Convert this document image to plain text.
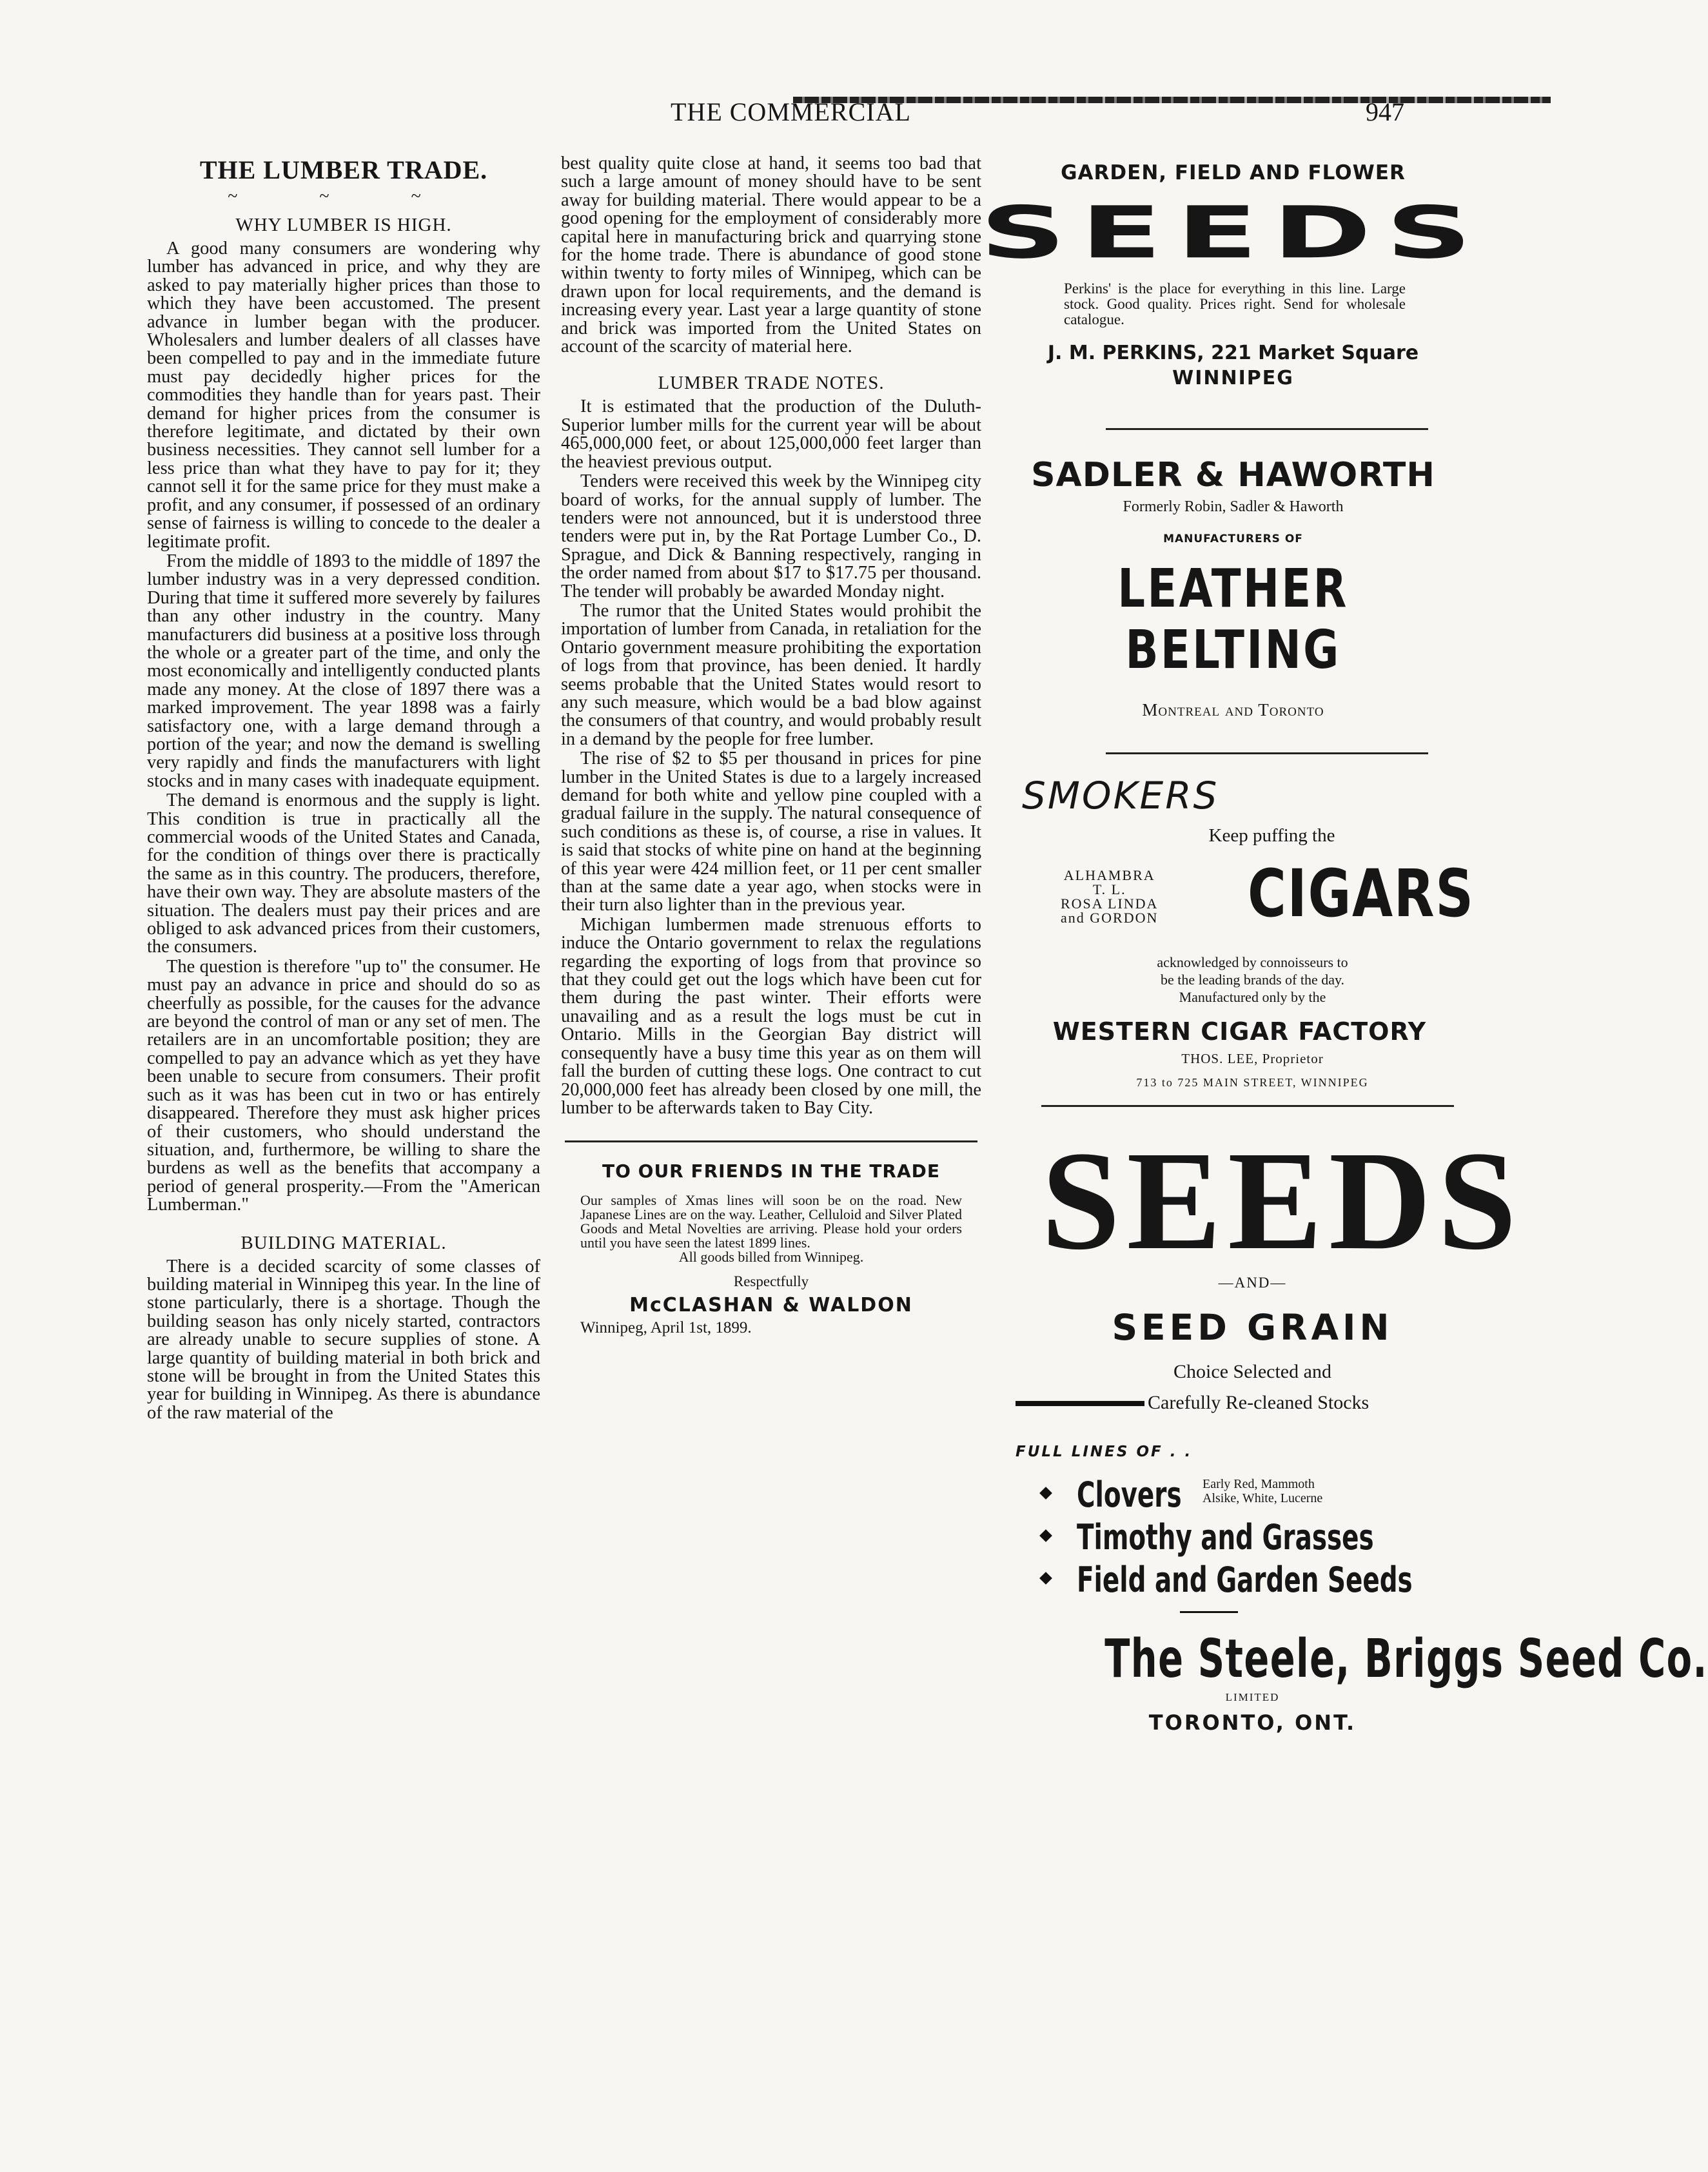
THE COMMERCIAL	947
THE LUMBER TRADE.
~ ~ ~
WHY LUMBER IS HIGH.

A good many consumers are wondering why lumber has advanced in price, and why they are asked to pay materially higher prices than those to which they have been accustomed. The present advance in lumber began with the producer. Wholesalers and lumber dealers of all classes have been compelled to pay and in the immediate future must pay decidedly higher prices for the commodities they handle than for years past. Their demand for higher prices from the consumer is therefore legitimate, and dictated by their own business necessities. They cannot sell lumber for a less price than what they have to pay for it; they cannot sell it for the same price for they must make a profit, and any consumer, if possessed of an ordinary sense of fairness is willing to concede to the dealer a legitimate profit.

From the middle of 1893 to the middle of 1897 the lumber industry was in a very depressed condition. During that time it suffered more severely by failures than any other industry in the country. Many manufacturers did business at a positive loss through the whole or a greater part of the time, and only the most economically and intelligently conducted plants made any money. At the close of 1897 there was a marked improvement. The year 1898 was a fairly satisfactory one, with a large demand through a portion of the year; and now the demand is swelling very rapidly and finds the manufacturers with light stocks and in many cases with inadequate equipment.

The demand is enormous and the supply is light. This condition is true in practically all the commercial woods of the United States and Canada, for the condition of things over there is practically the same as in this country. The producers, therefore, have their own way. They are absolute masters of the situation. The dealers must pay their prices and are obliged to ask advanced prices from their customers, the consumers.

The question is therefore "up to" the consumer. He must pay an advance in price and should do so as cheerfully as possible, for the causes for the advance are beyond the control of man or any set of men. The retailers are in an uncomfortable position; they are compelled to pay an advance which as yet they have been unable to secure from consumers. Their profit such as it was has been cut in two or has entirely disappeared. Therefore they must ask higher prices of their customers, who should understand the situation, and, furthermore, be willing to share the burdens as well as the benefits that accompany a period of general prosperity.—From the "American Lumberman."

BUILDING MATERIAL.

There is a decided scarcity of some classes of building material in Winnipeg this year. In the line of stone particularly, there is a shortage. Though the building season has only nicely started, contractors are already unable to secure supplies of stone. A large quantity of building material in both brick and stone will be brought in from the United States this year for building in Winnipeg. As there is abundance of the raw material of the

best quality quite close at hand, it seems too bad that such a large amount of money should have to be sent away for building material. There would appear to be a good opening for the employment of considerably more capital here in manufacturing brick and quarrying stone for the home trade. There is abundance of good stone within twenty to forty miles of Winnipeg, which can be drawn upon for local requirements, and the demand is increasing every year. Last year a large quantity of stone and brick was imported from the United States on account of the scarcity of material here.

LUMBER TRADE NOTES.

It is estimated that the production of the Duluth-Superior lumber mills for the current year will be about 465,000,000 feet, or about 125,000,000 feet larger than the heaviest previous output.

Tenders were received this week by the Winnipeg city board of works, for the annual supply of lumber. The tenders were not announced, but it is understood three tenders were put in, by the Rat Portage Lumber Co., D. Sprague, and Dick & Banning respectively, ranging in the order named from about $17 to $17.75 per thousand. The tender will probably be awarded Monday night.

The rumor that the United States would prohibit the importation of lumber from Canada, in retaliation for the Ontario government measure prohibiting the exportation of logs from that province, has been denied. It hardly seems probable that the United States would resort to any such measure, which would be a bad blow against the consumers of that country, and would probably result in a demand by the people for free lumber.

The rise of $2 to $5 per thousand in prices for pine lumber in the United States is due to a largely increased demand for both white and yellow pine coupled with a gradual failure in the supply. The natural consequence of such conditions as these is, of course, a rise in values. It is said that stocks of white pine on hand at the beginning of this year were 424 million feet, or 11 per cent smaller than at the same date a year ago, when stocks were in their turn also lighter than in the previous year.

Michigan lumbermen made strenuous efforts to induce the Ontario government to relax the regulations regarding the exporting of logs from that province so that they could get out the logs which have been cut for them during the past winter. Their efforts were unavailing and as a result the logs must be cut in Ontario. Mills in the Georgian Bay district will consequently have a busy time this year as on them will fall the burden of cutting these logs. One contract to cut 20,000,000 feet has already been closed by one mill, the lumber to be afterwards taken to Bay City.

TO OUR FRIENDS IN THE TRADE

Our samples of Xmas lines will soon be on the road. New Japanese Lines are on the way. Leather, Celluloid and Silver Plated Goods and Metal Novelties are arriving. Please hold your orders until you have seen the latest 1899 lines.

All goods billed from Winnipeg.

Respectfully
McCLASHAN & WALDON

Winnipeg, April 1st, 1899.

GARDEN, FIELD AND FLOWER
SEEDS

Perkins' is the place for everything in this line. Large stock. Good quality. Prices right. Send for wholesale catalogue.

J. M. PERKINS, 221 Market Square
WINNIPEG
SADLER & HAWORTH
Formerly Robin, Sadler & Haworth
MANUFACTURERS OF
LEATHER BELTING
Montreal and Toronto
SMOKERS
Keep puffing the
ALHAMBRA
T. L.
ROSA LINDA
and GORDON CIGARS
acknowledged by connoisseurs to
be the leading brands of the day.
Manufactured only by the
WESTERN CIGAR FACTORY
THOS. LEE, Proprietor
713 to 725 MAIN STREET, WINNIPEG
SEEDS
—AND—
SEED GRAIN
Choice Selected and
Carefully Re-cleaned Stocks
FULL LINES OF . .
Clovers Early Red, Mammoth
Alsike, White, Lucerne
Timothy and Grasses
Field and Garden Seeds
The Steele, Briggs Seed Co.
LIMITED
TORONTO, ONT.
